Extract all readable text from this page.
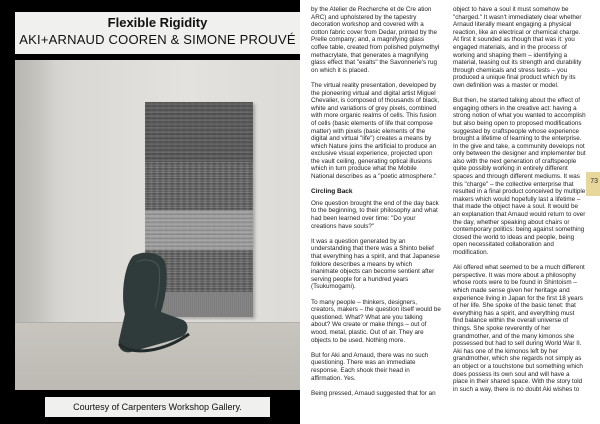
Flexible Rigidity
AKI+ARNAUD COOREN & SIMONE PROUVÉ
Courtesy of Carpenters Workshop Gallery.

by the Atelier de Recherche et de Cre ation ARC) and upholstered by the tapestry decoration workshop and covered with a cotton fabric cover from Dedar, printed by the Prelle company; and, a magnifying glass coffee table, created from polished polymethyl methacrylate, that generates a magnifying glass effect that "exalts" the Savonnerie's rug on which it is placed.

The virtual reality presentation, developed by the pioneering virtual and digital artist Miguel Chevalier, is composed of thousands of black, white and variations of grey pixels, combined with more organic realms of cells. This fusion of cells (basic elements of life that compose matter) with pixels (basic elements of the digital and virtual "life") creates a means by which Nature joins the artificial to produce an exclusive visual experience, projected upon the vault ceiling, generating optical illusions which in turn produce what the Mobile National describes as a "poetic atmosphere."

Circling Back

One question brought the end of the day back to the beginning, to their philosophy and what had been learned over time: "Do your creations have souls?"

It was a question generated by an understanding that there was a Shinto belief that everything has a spirit, and that Japanese folklore describes a means by which inanimate objects can become sentient after serving people for a hundred years (Tsukumogami).

To many people – thinkers, designers, creators, makers – the question itself would be questioned. What? What are you talking about? We create or make things – out of wood, metal, plastic. Out of air. They are objects to be used. Nothing more.

But for Aki and Arnaud, there was no such questioning. There was an immediate response. Each shook their head in affirmation. Yes.

Being pressed, Arnaud suggested that for an

object to have a soul it must somehow be "charged." It wasn't immediately clear whether Arnaud literally meant engaging a physical reaction, like an electrical or chemical charge. At first it sounded as though that was it: you engaged materials, and in the process of working and shaping them – identifying a material, teasing out its strength and durability through chemicals and stress tests – you produced a unique final product which by its own definition was a master or model.

But then, he started talking about the effect of engaging others in the creative act: having a strong notion of what you wanted to accomplish but also being open to proposed modifications suggested by craftspeople whose experience brought a lifetime of learning to the enterprise. In the give and take, a community develops not only between the designer and implementer but also with the next generation of craftspeople quite possibly working in entirely different spaces and through different mediums. It was this "charge" – the collective enterprise that resulted in a final product conceived by multiple makers which would hopefully last a lifetime – that made the object have a soul. It would be an explanation that Arnaud would return to over the day, whether speaking about chairs or contemporary politics: being against something closed the world to ideas and people, being open necessitated collaboration and modification.

Aki offered what seemed to be a much different perspective. It was more about a philosophy whose roots were to be found in Shintoism – which made sense given her heritage and experience living in Japan for the first 18 years of her life. She spoke of the basic tenet: that everything has a spirit, and everything must find balance within the overall universe of things. She spoke reverently of her grandmother, and of the many kimonos she possessed but had to sell during World War II. Aki has one of the kimonos left by her grandmother, which she regards not simply as an object or a touchstone but something which does possess its own soul and will have a place in their shared space. With the story told in such a way, there is no doubt Aki wishes to

73
